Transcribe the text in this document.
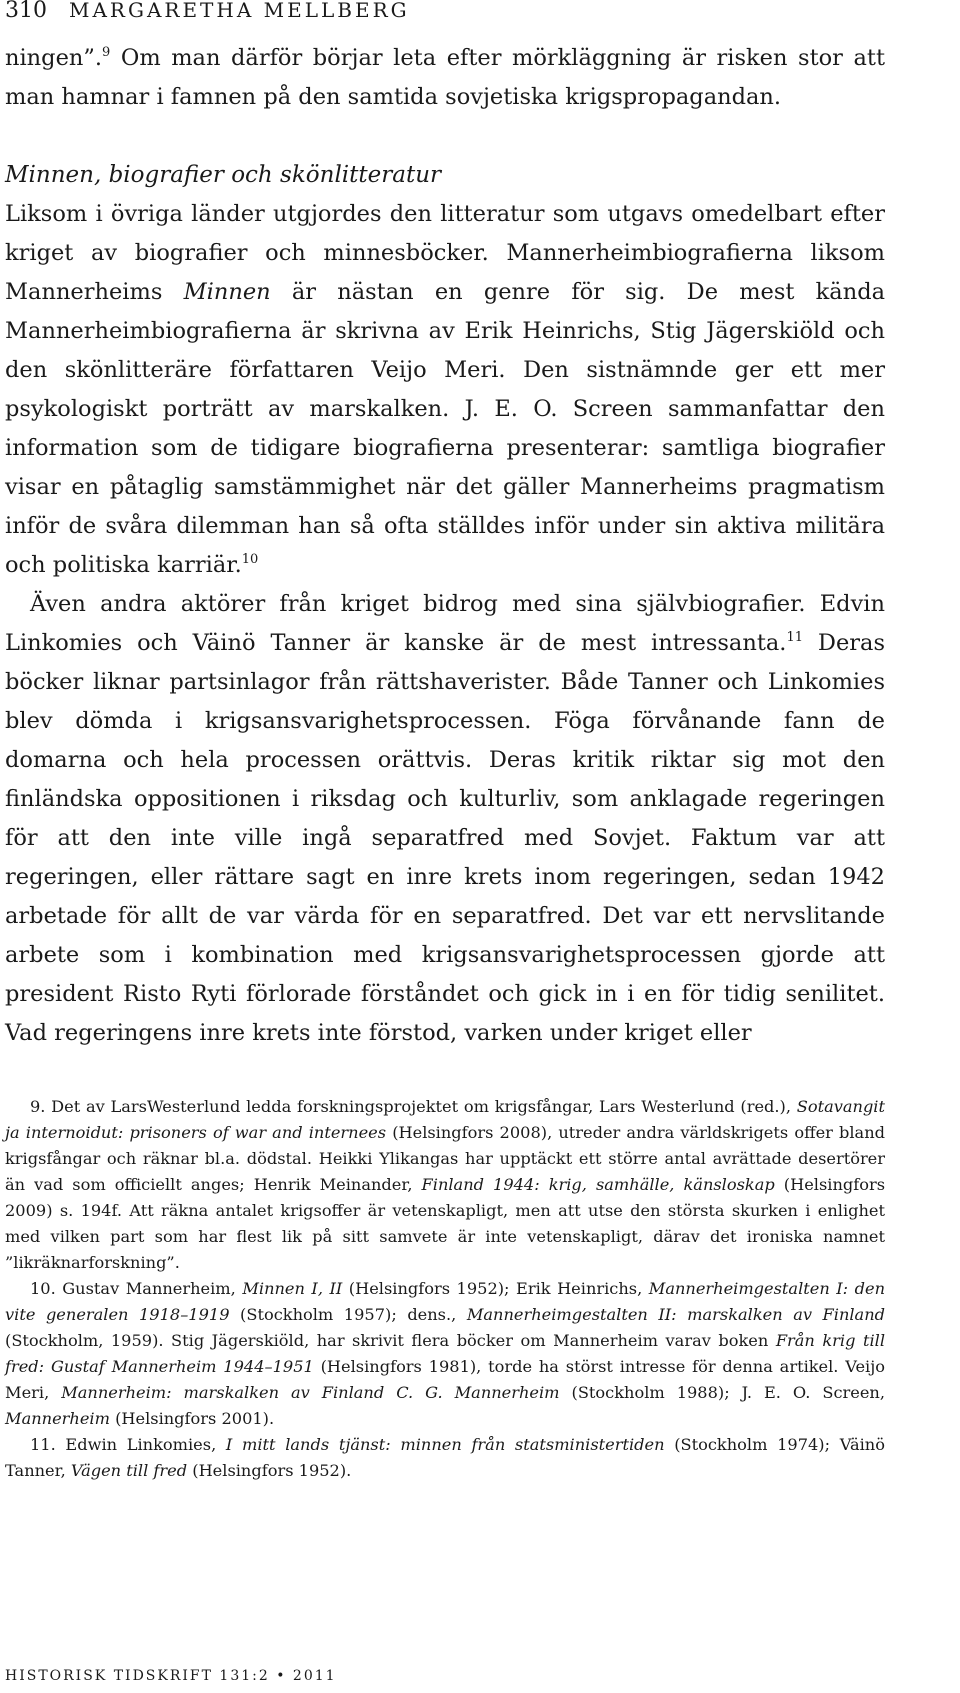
310 MARGARETHA MELLBERG

ningen”.$^9$ Om man därför börjar leta efter mörkläggning är risken stor att man hamnar i famnen på den samtida sovjetiska krigspropagandan.

Minnen, biografier och skönlitteratur

Liksom i övriga länder utgjordes den litteratur som utgavs omedelbart efter kriget av biografier och minnesböcker. Mannerheimbiografierna liksom Mannerheims Minnen är nästan en genre för sig. De mest kända Mannerheimbiografierna är skrivna av Erik Heinrichs, Stig Jägerskiöld och den skönlitteräre författaren Veijo Meri. Den sistnämnde ger ett mer psykologiskt porträtt av marskalken. J. E. O. Screen sammanfattar den information som de tidigare biografierna presenterar: samtliga biografier visar en påtaglig samstämmighet när det gäller Mannerheims pragmatism inför de svåra dilemman han så ofta ställdes inför under sin aktiva militära och politiska karriär.$^{10}$

Även andra aktörer från kriget bidrog med sina självbiografier. Edvin Linkomies och Väinö Tanner är kanske är de mest intressanta.$^{11}$ Deras böcker liknar partsinlagor från rättshaverister. Både Tanner och Linkomies blev dömda i krigsansvarighetsprocessen. Föga förvånande fann de domarna och hela processen orättvis. Deras kritik riktar sig mot den finländska oppositionen i riksdag och kulturliv, som anklagade regeringen för att den inte ville ingå separatfred med Sovjet. Faktum var att regeringen, eller rättare sagt en inre krets inom regeringen, sedan 1942 arbetade för allt de var värda för en separatfred. Det var ett nervslitande arbete som i kombination med krigsansvarighetsprocessen gjorde att president Risto Ryti förlorade förståndet och gick in i en för tidig senilitet. Vad regeringens inre krets inte förstod, varken under kriget eller

9. Det av LarsWesterlund ledda forskningsprojektet om krigsfångar, Lars Westerlund (red.), Sotavangit ja internoidut: prisoners of war and internees (Helsingfors 2008), utreder andra världskrigets offer bland krigsfångar och räknar bl.a. dödstal. Heikki Ylikangas har upptäckt ett större antal avrättade desertörer än vad som officiellt anges; Henrik Meinander, Finland 1944: krig, samhälle, känsloskap (Helsingfors 2009) s. 194f. Att räkna antalet krigsoffer är vetenskapligt, men att utse den största skurken i enlighet med vilken part som har flest lik på sitt samvete är inte vetenskapligt, därav det ironiska namnet ”likräknarforskning”.

10. Gustav Mannerheim, Minnen I, II (Helsingfors 1952); Erik Heinrichs, Mannerheimgestalten I: den vite generalen 1918–1919 (Stockholm 1957); dens., Mannerheimgestalten II: marskalken av Finland (Stockholm, 1959). Stig Jägerskiöld, har skrivit flera böcker om Mannerheim varav boken Från krig till fred: Gustaf Mannerheim 1944–1951 (Helsingfors 1981), torde ha störst intresse för denna artikel. Veijo Meri, Mannerheim: marskalken av Finland C. G. Mannerheim (Stockholm 1988); J. E. O. Screen, Mannerheim (Helsingfors 2001).

11. Edwin Linkomies, I mitt lands tjänst: minnen från statsministertiden (Stockholm 1974); Väinö Tanner, Vägen till fred (Helsingfors 1952).

HISTORISK TIDSKRIFT 131:2 • 2011
